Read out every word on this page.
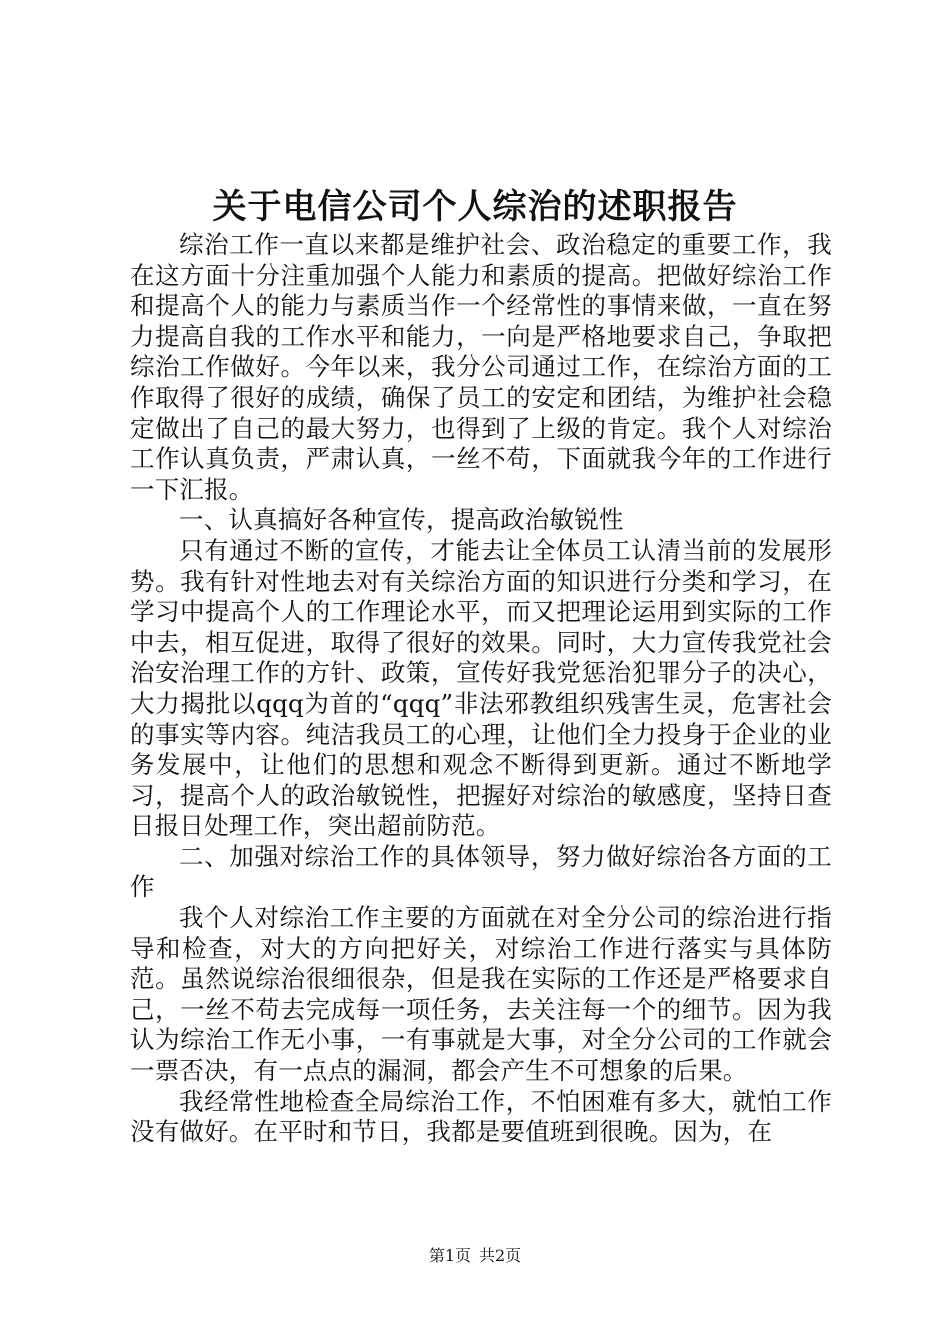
关于电信公司个人综治的述职报告

综治工作一直以来都是维护社会、政治稳定的重要工作，我在这方面十分注重加强个人能力和素质的提高。把做好综治工作和提高个人的能力与素质当作一个经常性的事情来做，一直在努力提高自我的工作水平和能力，一向是严格地要求自己，争取把综治工作做好。今年以来，我分公司通过工作，在综治方面的工作取得了很好的成绩，确保了员工的安定和团结，为维护社会稳定做出了自己的最大努力，也得到了上级的肯定。我个人对综治工作认真负责，严肃认真，一丝不苟，下面就我今年的工作进行一下汇报。

一、认真搞好各种宣传，提高政治敏锐性

只有通过不断的宣传，才能去让全体员工认清当前的发展形势。我有针对性地去对有关综治方面的知识进行分类和学习，在学习中提高个人的工作理论水平，而又把理论运用到实际的工作中去，相互促进，取得了很好的效果。同时，大力宣传我党社会治安治理工作的方针、政策，宣传好我党惩治犯罪分子的决心，大力揭批以qqq为首的“qqq”非法邪教组织残害生灵，危害社会的事实等内容。纯洁我员工的心理，让他们全力投身于企业的业务发展中，让他们的思想和观念不断得到更新。通过不断地学习，提高个人的政治敏锐性，把握好对综治的敏感度，坚持日查日报日处理工作，突出超前防范。

二、加强对综治工作的具体领导，努力做好综治各方面的工作

我个人对综治工作主要的方面就在对全分公司的综治进行指导和检查，对大的方向把好关，对综治工作进行落实与具体防范。虽然说综治很细很杂，但是我在实际的工作还是严格要求自己，一丝不苟去完成每一项任务，去关注每一个的细节。因为我认为综治工作无小事，一有事就是大事，对全分公司的工作就会一票否决，有一点点的漏洞，都会产生不可想象的后果。

我经常性地检查全局综治工作，不怕困难有多大，就怕工作没有做好。在平时和节日，我都是要值班到很晚。因为，在

第1页 共2页
